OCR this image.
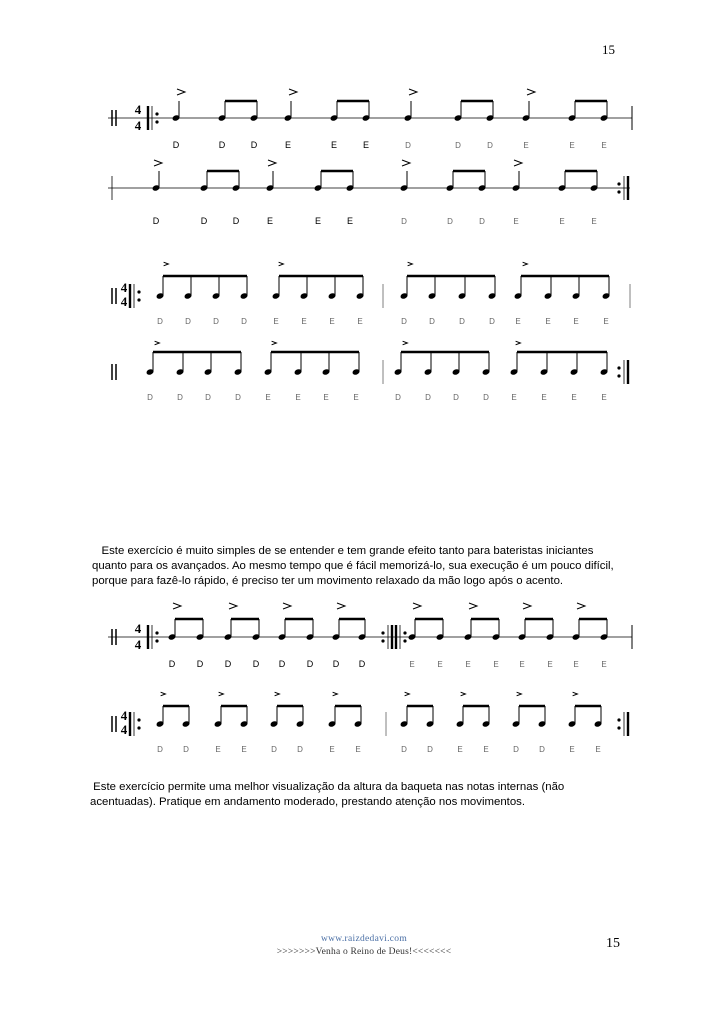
15
4
4
D	D	D	E	E	E	D	D	D	E	E	E
D	D	D	E	E	E	D	D	D	E	E	E
4
4
D	D	D	D	E	E	E	E	D	D	D	D	E	E	E	E
D	D	D	D	E	E	E	E	D	D	D	D	E	E	E	E
4
4
D D D D D D D D	E	E	E	E	E	E	E	E
4
4
D	D	E	E	D	D	E	E	D	D	E	E	D	D	E	E
Este exercício é muito simples de se entender e tem grande efeito tanto para bateristas iniciantes
quanto para os avançados. Ao mesmo tempo que é fácil memorizá-lo, sua execução é um pouco difícil,
porque para fazê-lo rápido, é preciso ter um movimento relaxado da mão logo após o acento.
Este exercício permite uma melhor visualização da altura da baqueta nas notas internas (não
acentuadas). Pratique em andamento moderado, prestando atenção nos movimentos.
www.raizdedavi.com
>>>>>>>Venha o Reino de Deus!<<<<<<<
15
